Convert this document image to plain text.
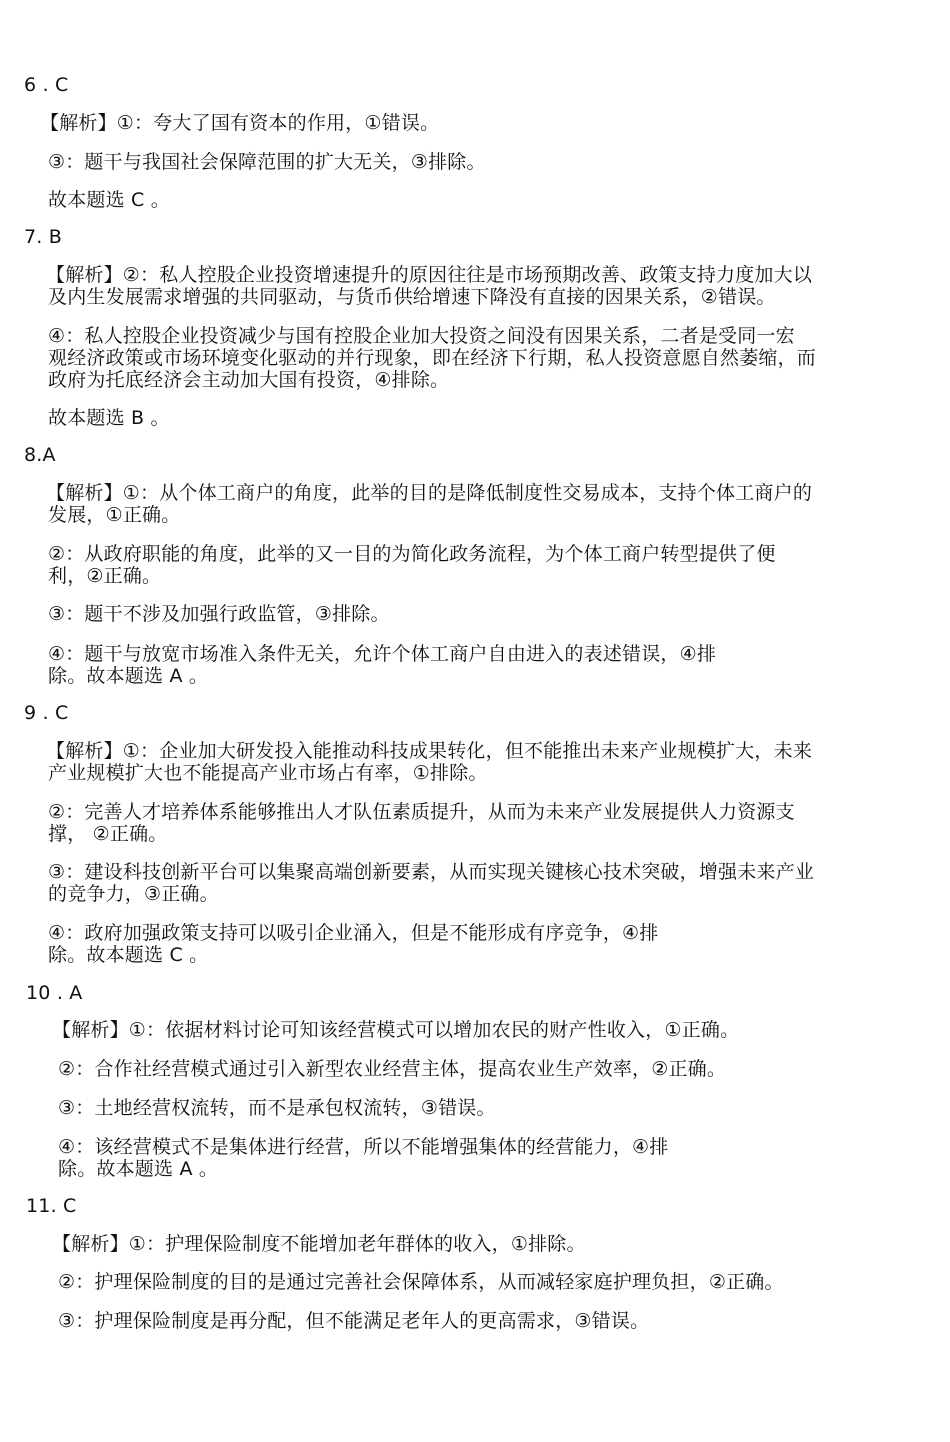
6 . C
【解析】①：夸大了国有资本的作用，①错误。
③：题干与我国社会保障范围的扩大无关，③排除。
故本题选 C 。
7. B
【解析】②：私人控股企业投资增速提升的原因往往是市场预期改善、政策支持力度加大以
及内生发展需求增强的共同驱动，与货币供给增速下降没有直接的因果关系，②错误。
④：私人控股企业投资减少与国有控股企业加大投资之间没有因果关系，二者是受同一宏
观经济政策或市场环境变化驱动的并行现象，即在经济下行期，私人投资意愿自然萎缩，而
政府为托底经济会主动加大国有投资，④排除。
故本题选 B 。
8.A
【解析】①：从个体工商户的角度，此举的目的是降低制度性交易成本，支持个体工商户的
发展，①正确。
②：从政府职能的角度，此举的又一目的为简化政务流程，为个体工商户转型提供了便
利，②正确。
③：题干不涉及加强行政监管，③排除。
④：题干与放宽市场准入条件无关，允许个体工商户自由进入的表述错误，④排
除。故本题选 A 。
9 . C
【解析】①：企业加大研发投入能推动科技成果转化，但不能推出未来产业规模扩大，未来
产业规模扩大也不能提高产业市场占有率，①排除。
②：完善人才培养体系能够推出人才队伍素质提升，从而为未来产业发展提供人力资源支
撑， ②正确。
③：建设科技创新平台可以集聚高端创新要素，从而实现关键核心技术突破，增强未来产业
的竞争力，③正确。
④：政府加强政策支持可以吸引企业涌入，但是不能形成有序竞争，④排
除。故本题选 C 。
10 . A
【解析】①：依据材料讨论可知该经营模式可以增加农民的财产性收入，①正确。
②：合作社经营模式通过引入新型农业经营主体，提高农业生产效率，②正确。
③：土地经营权流转，而不是承包权流转，③错误。
④：该经营模式不是集体进行经营，所以不能增强集体的经营能力，④排
除。故本题选 A 。
11. C
【解析】①：护理保险制度不能增加老年群体的收入，①排除。
②：护理保险制度的目的是通过完善社会保障体系，从而减轻家庭护理负担，②正确。
③：护理保险制度是再分配，但不能满足老年人的更高需求，③错误。
